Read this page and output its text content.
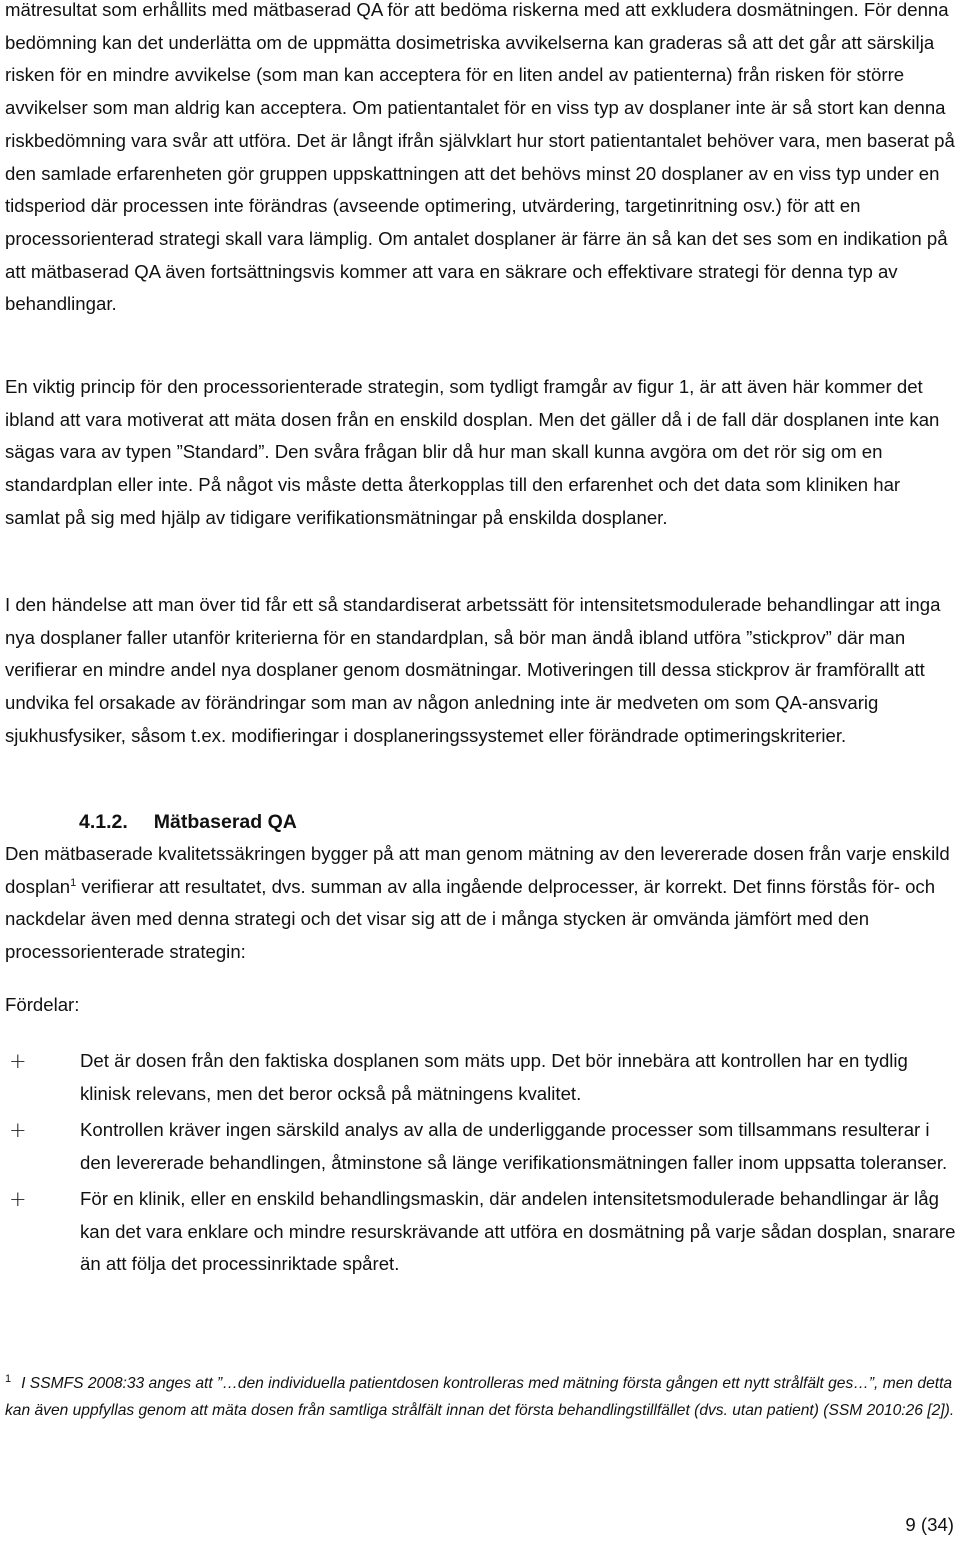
mätresultat som erhållits med mätbaserad QA för att bedöma riskerna med att exkludera dosmätningen. För denna bedömning kan det underlätta om de uppmätta dosimetriska avvikelserna kan graderas så att det går att särskilja risken för en mindre avvikelse (som man kan acceptera för en liten andel av patienterna) från risken för större avvikelser som man aldrig kan acceptera. Om patientantalet för en viss typ av dosplaner inte är så stort kan denna riskbedömning vara svår att utföra. Det är långt ifrån självklart hur stort patientantalet behöver vara, men baserat på den samlade erfarenheten gör gruppen uppskattningen att det behövs minst 20 dosplaner av en viss typ under en tidsperiod där processen inte förändras (avseende optimering, utvärdering, targetinritning osv.) för att en processorienterad strategi skall vara lämplig. Om antalet dosplaner är färre än så kan det ses som en indikation på att mätbaserad QA även fortsättningsvis kommer att vara en säkrare och effektivare strategi för denna typ av behandlingar.

En viktig princip för den processorienterade strategin, som tydligt framgår av figur 1, är att även här kommer det ibland att vara motiverat att mäta dosen från en enskild dosplan. Men det gäller då i de fall där dosplanen inte kan sägas vara av typen ”Standard”. Den svåra frågan blir då hur man skall kunna avgöra om det rör sig om en standardplan eller inte. På något vis måste detta återkopplas till den erfarenhet och det data som kliniken har samlat på sig med hjälp av tidigare verifikationsmätningar på enskilda dosplaner.

I den händelse att man över tid får ett så standardiserat arbetssätt för intensitetsmodulerade behandlingar att inga nya dosplaner faller utanför kriterierna för en standardplan, så bör man ändå ibland utföra ”stickprov” där man verifierar en mindre andel nya dosplaner genom dosmätningar. Motiveringen till dessa stickprov är framförallt att undvika fel orsakade av förändringar som man av någon anledning inte är medveten om som QA-ansvarig sjukhusfysiker, såsom t.ex. modifieringar i dosplaneringssystemet eller förändrade optimeringskriterier.

4.1.2. Mätbaserad QA

Den mätbaserade kvalitetssäkringen bygger på att man genom mätning av den levererade dosen från varje enskild dosplan$^1$ verifierar att resultatet, dvs. summan av alla ingående delprocesser, är korrekt. Det finns förstås för- och nackdelar även med denna strategi och det visar sig att de i många stycken är omvända jämfört med den processorienterade strategin:

Fördelar:

+	Det är dosen från den faktiska dosplanen som mäts upp. Det bör innebära att kontrollen har en tydlig klinisk relevans, men det beror också på mätningens kvalitet.
+	Kontrollen kräver ingen särskild analys av alla de underliggande processer som tillsammans resulterar i den levererade behandlingen, åtminstone så länge verifikationsmätningen faller inom uppsatta toleranser.
+	För en klinik, eller en enskild behandlingsmaskin, där andelen intensitetsmodulerade behandlingar är låg kan det vara enklare och mindre resurskrävande att utföra en dosmätning på varje sådan dosplan, snarare än att följa det processinriktade spåret.

$^1$ I SSMFS 2008:33 anges att ”…den individuella patientdosen kontrolleras med mätning första gången ett nytt strålfält ges…”, men detta kan även uppfyllas genom att mäta dosen från samtliga strålfält innan det första behandlingstillfället (dvs. utan patient) (SSM 2010:26 [2]).

9 (34)
